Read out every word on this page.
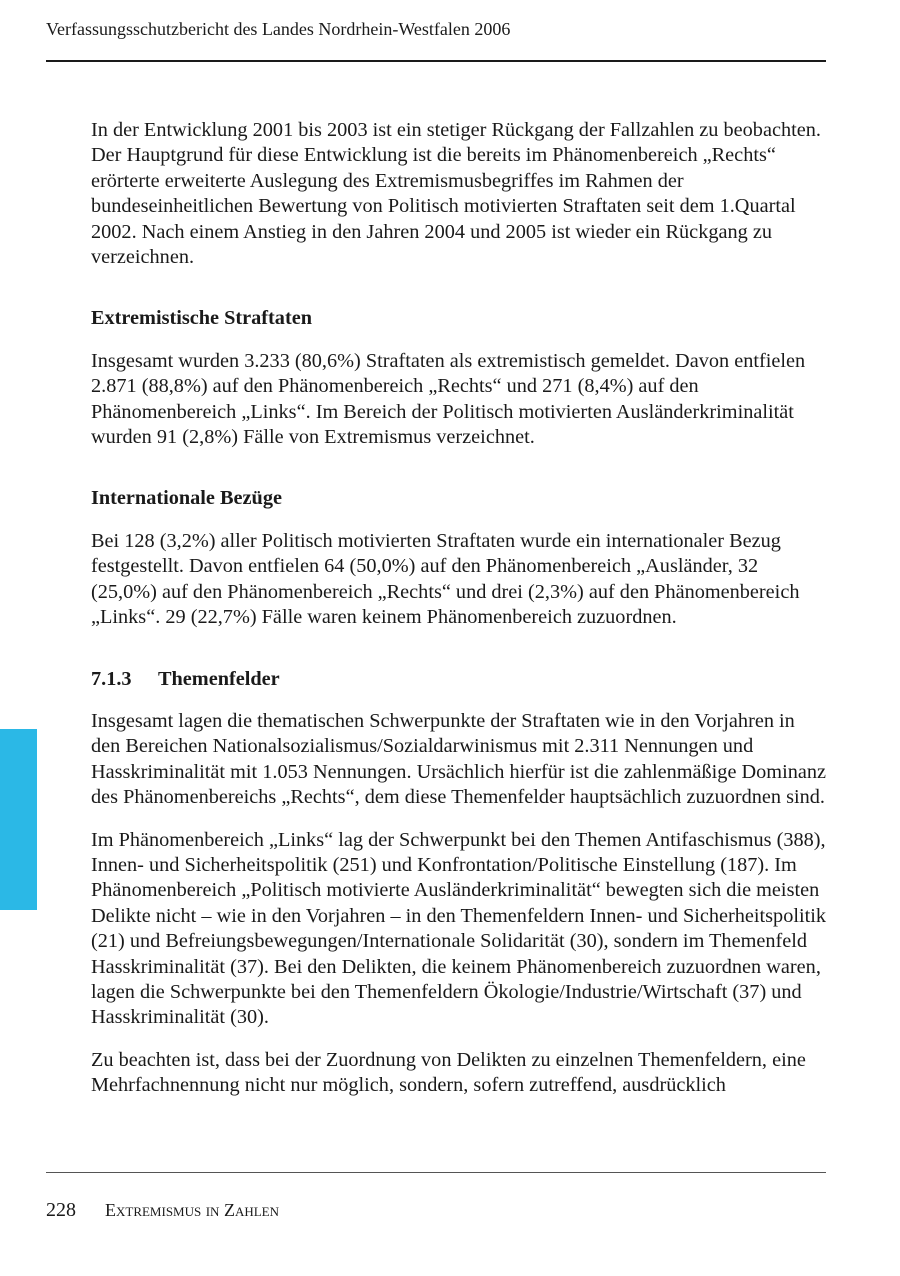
Verfassungsschutzbericht des Landes Nordrhein-Westfalen 2006

In der Entwicklung 2001 bis 2003 ist ein stetiger Rückgang der Fallzahlen zu beobachten. Der Hauptgrund für diese Entwicklung ist die bereits im Phänomenbereich „Rechts“ erörterte erweiterte Auslegung des Extremismusbegriffes im Rahmen der bundeseinheitlichen Bewertung von Politisch motivierten Straftaten seit dem 1.Quartal 2002. Nach einem Anstieg in den Jahren 2004 und 2005 ist wieder ein Rückgang zu verzeichnen.

Extremistische Straftaten

Insgesamt wurden 3.233 (80,6%) Straftaten als extremistisch gemeldet. Davon entfielen 2.871 (88,8%) auf den Phänomenbereich „Rechts“ und 271 (8,4%) auf den Phänomenbereich „Links“. Im Bereich der Politisch motivierten Ausländerkriminalität wurden 91 (2,8%) Fälle von Extremismus verzeichnet.

Internationale Bezüge

Bei 128 (3,2%) aller Politisch motivierten Straftaten wurde ein internationaler Bezug festgestellt. Davon entfielen 64 (50,0%) auf den Phänomenbereich „Ausländer, 32 (25,0%) auf den Phänomenbereich „Rechts“ und drei (2,3%) auf den Phänomenbereich „Links“. 29 (22,7%) Fälle waren keinem Phänomenbereich zuzuordnen.

7.1.3 Themenfelder

Insgesamt lagen die thematischen Schwerpunkte der Straftaten wie in den Vorjahren in den Bereichen Nationalsozialismus/Sozialdarwinismus mit 2.311 Nennungen und Hasskriminalität mit 1.053 Nennungen. Ursächlich hierfür ist die zahlenmäßige Dominanz des Phänomenbereichs „Rechts“, dem diese Themenfelder hauptsächlich zuzuordnen sind.

Im Phänomenbereich „Links“ lag der Schwerpunkt bei den Themen Antifaschismus (388), Innen- und Sicherheitspolitik (251) und Konfrontation/Politische Einstellung (187). Im Phänomenbereich „Politisch motivierte Ausländerkriminalität“ bewegten sich die meisten Delikte nicht – wie in den Vorjahren – in den Themenfeldern Innen- und Sicherheitspolitik (21) und Befreiungsbewegungen/Internationale Solidarität (30), sondern im Themenfeld Hasskriminalität (37). Bei den Delikten, die keinem Phänomenbereich zuzuordnen waren, lagen die Schwerpunkte bei den Themenfeldern Ökologie/Industrie/Wirtschaft (37) und Hasskriminalität (30).

Zu beachten ist, dass bei der Zuordnung von Delikten zu einzelnen Themenfeldern, eine Mehrfachnennung nicht nur möglich, sondern, sofern zutreffend, ausdrücklich

228 Extremismus in Zahlen
